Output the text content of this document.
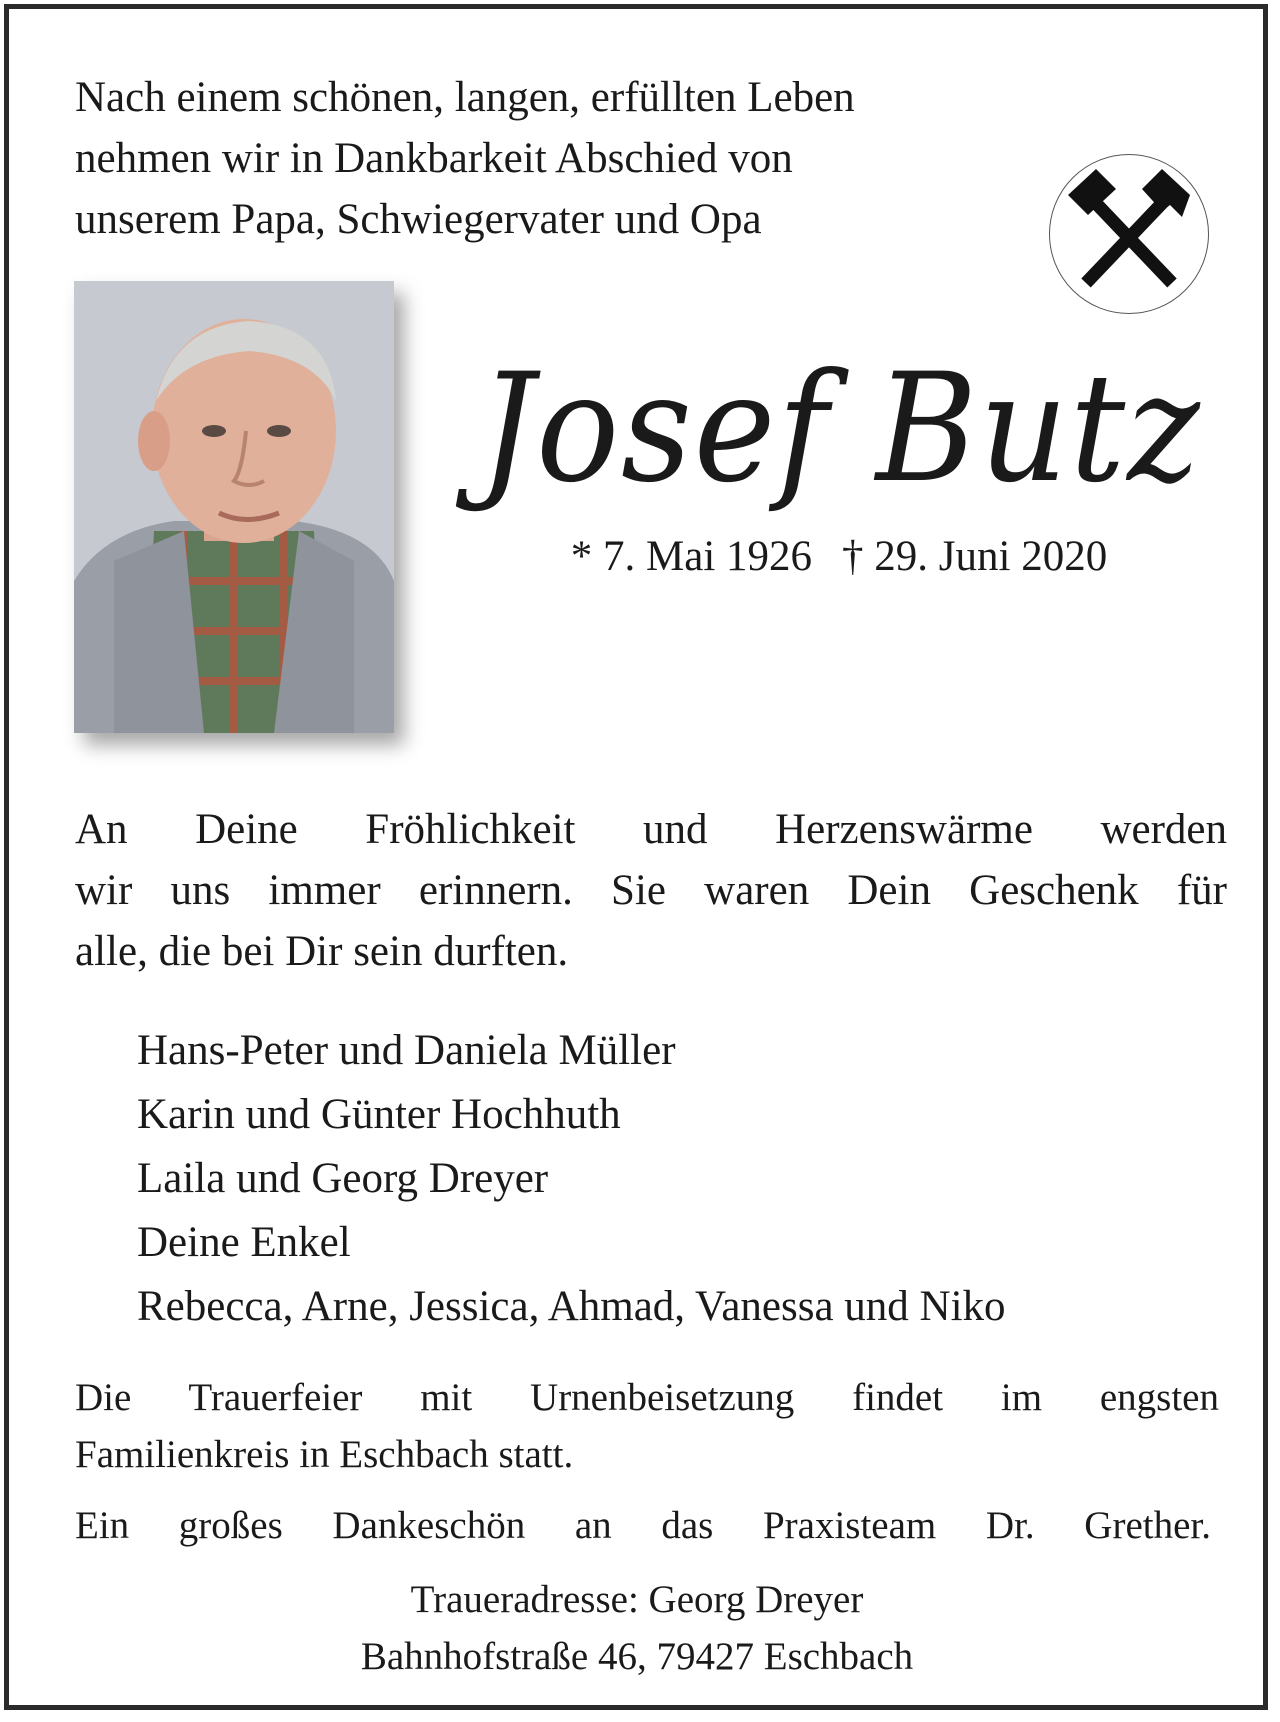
Nach einem schönen, langen, erfüllten Leben
nehmen wir in Dankbarkeit Abschied von
unserem Papa, Schwiegervater und Opa
Josef Butz
* 7. Mai 1926 † 29. Juni 2020
An Deine Fröhlichkeit und Herzenswärme werden
wir uns immer erinnern. Sie waren Dein Geschenk für
alle, die bei Dir sein durften.
Hans-Peter und Daniela Müller
Karin und Günter Hochhuth
Laila und Georg Dreyer
Deine Enkel
Rebecca, Arne, Jessica, Ahmad, Vanessa und Niko
Die Trauerfeier mit Urnenbeisetzung findet im engsten
Familienkreis in Eschbach statt.
Ein großes Dankeschön an das Praxisteam Dr. Grether.
Traueradresse: Georg Dreyer
Bahnhofstraße 46, 79427 Eschbach
